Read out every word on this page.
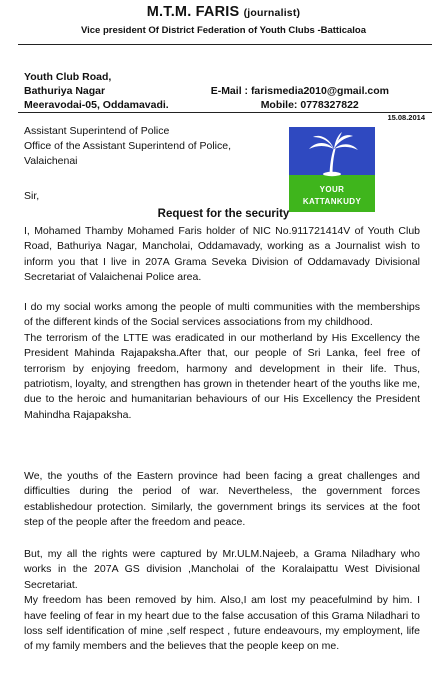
M.T.M. FARIS (journalist)
Vice president Of District Federation of Youth Clubs -Batticaloa
Youth Club Road,
Bathuriya Nagar
Meeravodai-05, Oddamavadi.
E-Mail : farismedia2010@gmail.com
Mobile: 0778327822
15.08.2014
Assistant Superintend of Police
Office of the Assistant Superintend of Police,
Valaichenai
YOUR
KATTANKUDY
Sir,
Request for the security

I, Mohamed Thamby Mohamed Faris holder of NIC No.911721414V of Youth Club Road, Bathuriya Nagar, Mancholai, Oddamavady, working as a Journalist wish to inform you that I live in 207A Grama Seveka Division of Oddamavady Divisional Secretariat of Valaichenai Police area.

I do my social works among the people of multi communities with the memberships of the different kinds of the Social services associations from my childhood.

The terrorism of the LTTE was eradicated in our motherland by His Excellency the President Mahinda Rajapaksha.After that, our people of Sri Lanka, feel free of terrorism by enjoying freedom, harmony and development in their life. Thus, patriotism, loyalty, and strengthen has grown in thetender heart of the youths like me, due to the heroic and humanitarian behaviours of our His Excellency the President Mahindha Rajapaksha.

We, the youths of the Eastern province had been facing a great challenges and difficulties during the period of war. Nevertheless, the government forces establishedour protection. Similarly, the government brings its services at the foot step of the people after the freedom and peace.

But, my all the rights were captured by Mr.ULM.Najeeb, a Grama Niladhary who works in the 207A GS division ,Mancholai of the Koralaipattu West Divisional Secretariat.

My freedom has been removed by him. Also,I am lost my peacefulmind by him. I have feeling of fear in my heart due to the false accusation of this Grama Niladhari to loss self identification of mine ,self respect , future endeavours, my employment, life of my family members and the believes that the people keep on me.
